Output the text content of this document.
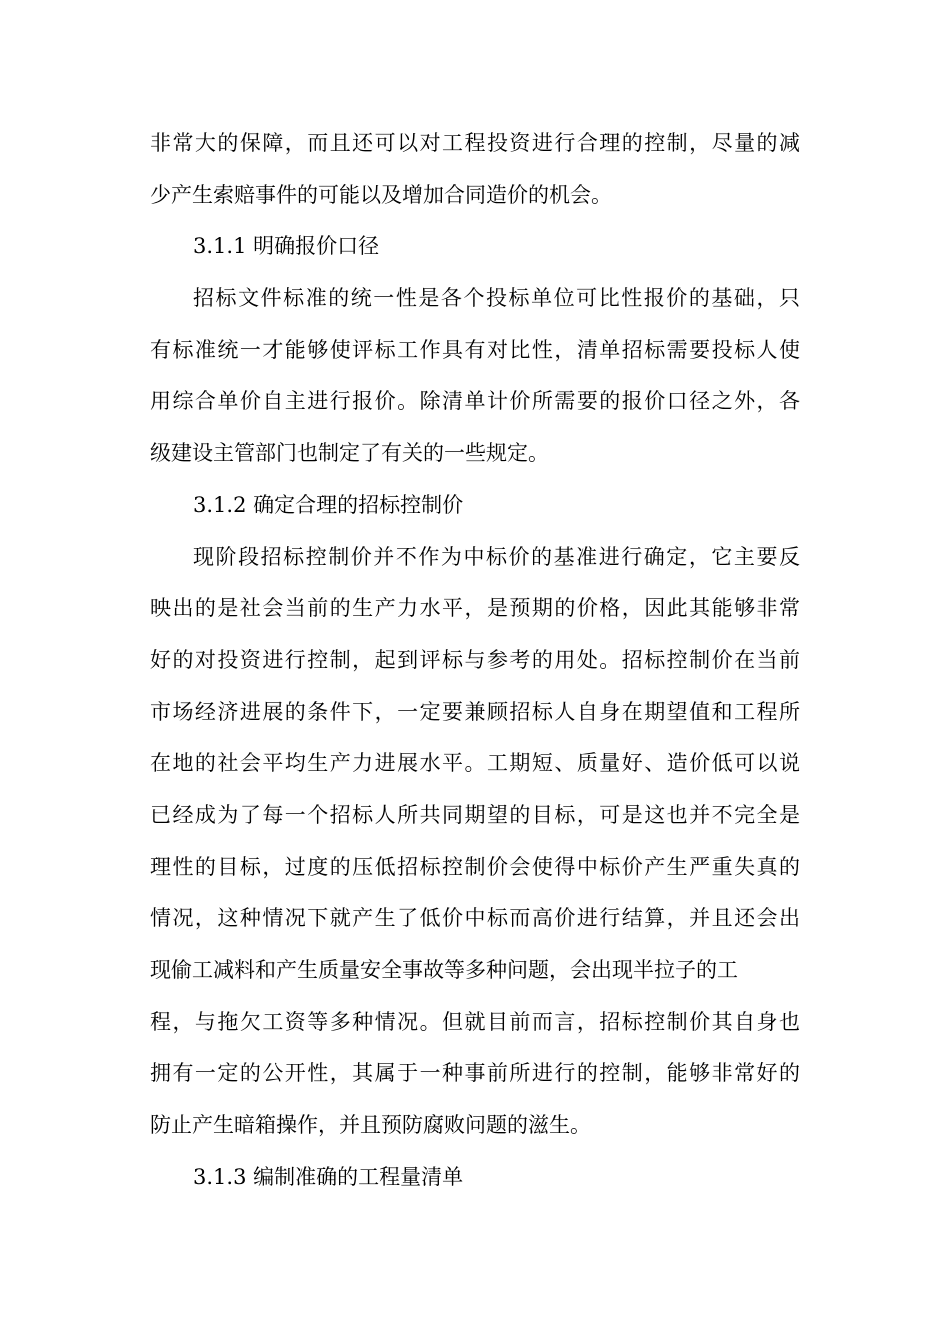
非常大的保障，而且还可以对工程投资进行合理的控制，尽量的减
少产生索赔事件的可能以及增加合同造价的机会。
3.1.1 明确报价口径
招标文件标准的统一性是各个投标单位可比性报价的基础，只
有标准统一才能够使评标工作具有对比性，清单招标需要投标人使
用综合单价自主进行报价。除清单计价所需要的报价口径之外，各
级建设主管部门也制定了有关的一些规定。
3.1.2 确定合理的招标控制价
现阶段招标控制价并不作为中标价的基准进行确定，它主要反
映出的是社会当前的生产力水平，是预期的价格，因此其能够非常
好的对投资进行控制，起到评标与参考的用处。招标控制价在当前
市场经济进展的条件下，一定要兼顾招标人自身在期望值和工程所
在地的社会平均生产力进展水平。工期短、质量好、造价低可以说
已经成为了每一个招标人所共同期望的目标，可是这也并不完全是
理性的目标，过度的压低招标控制价会使得中标价产生严重失真的
情况，这种情况下就产生了低价中标而高价进行结算，并且还会出
现偷工减料和产生质量安全事故等多种问题，会出现半拉子的工
程，与拖欠工资等多种情况。但就目前而言，招标控制价其自身也
拥有一定的公开性，其属于一种事前所进行的控制，能够非常好的
防止产生暗箱操作，并且预防腐败问题的滋生。
3.1.3 编制准确的工程量清单
